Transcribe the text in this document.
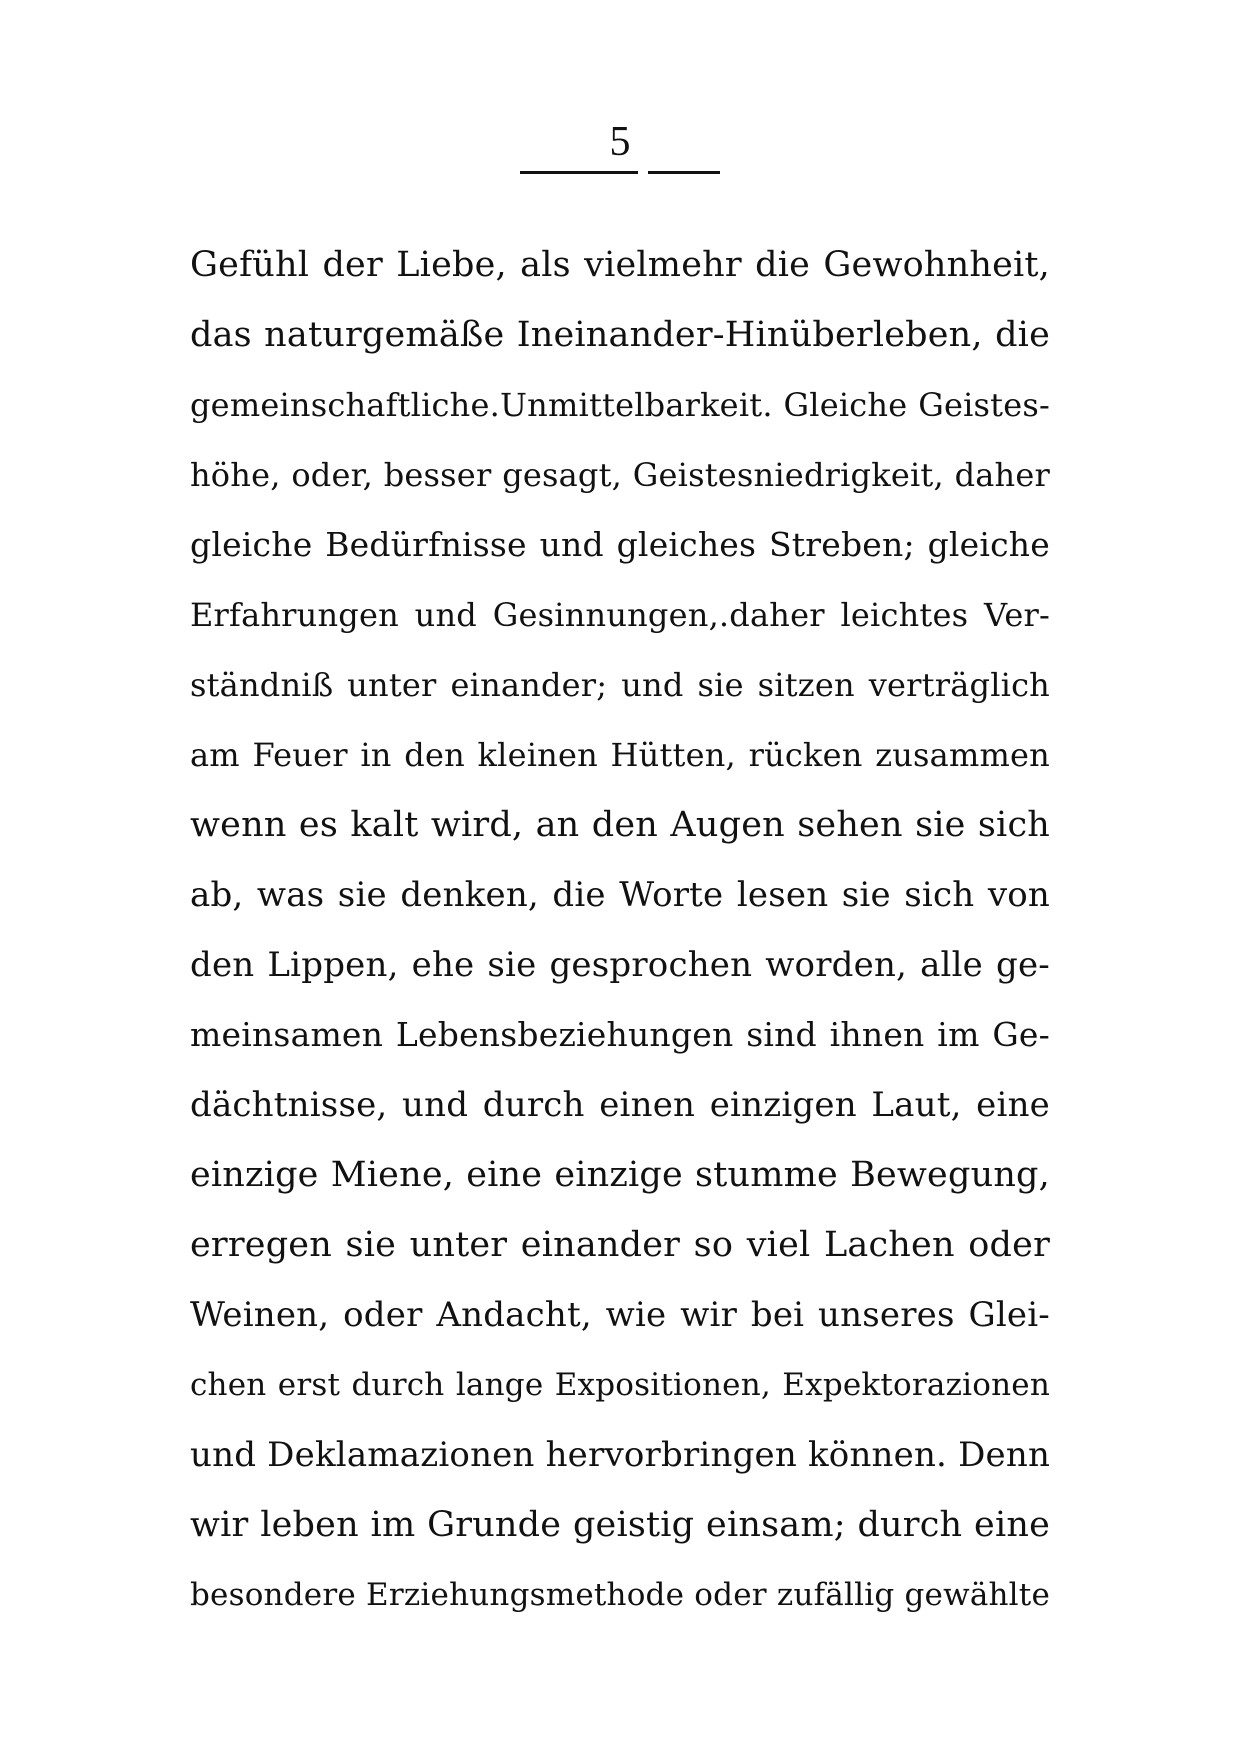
5
Gefühl der Liebe, als vielmehr die Gewohnheit,
das naturgemäße Ineinander-Hinüberleben, die
gemeinschaftliche.Unmittelbarkeit. Gleiche Geistes-
höhe, oder, besser gesagt, Geistesniedrigkeit, daher
gleiche Bedürfnisse und gleiches Streben; gleiche
Erfahrungen und Gesinnungen,.daher leichtes Ver-
ständniß unter einander; und sie sitzen verträglich
am Feuer in den kleinen Hütten, rücken zusammen
wenn es kalt wird, an den Augen sehen sie sich
ab, was sie denken, die Worte lesen sie sich von
den Lippen, ehe sie gesprochen worden, alle ge-
meinsamen Lebensbeziehungen sind ihnen im Ge-
dächtnisse, und durch einen einzigen Laut, eine
einzige Miene, eine einzige stumme Bewegung,
erregen sie unter einander so viel Lachen oder
Weinen, oder Andacht, wie wir bei unseres Glei-
chen erst durch lange Expositionen, Expektorazionen
und Deklamazionen hervorbringen können. Denn
wir leben im Grunde geistig einsam; durch eine
besondere Erziehungsmethode oder zufällig gewählte
